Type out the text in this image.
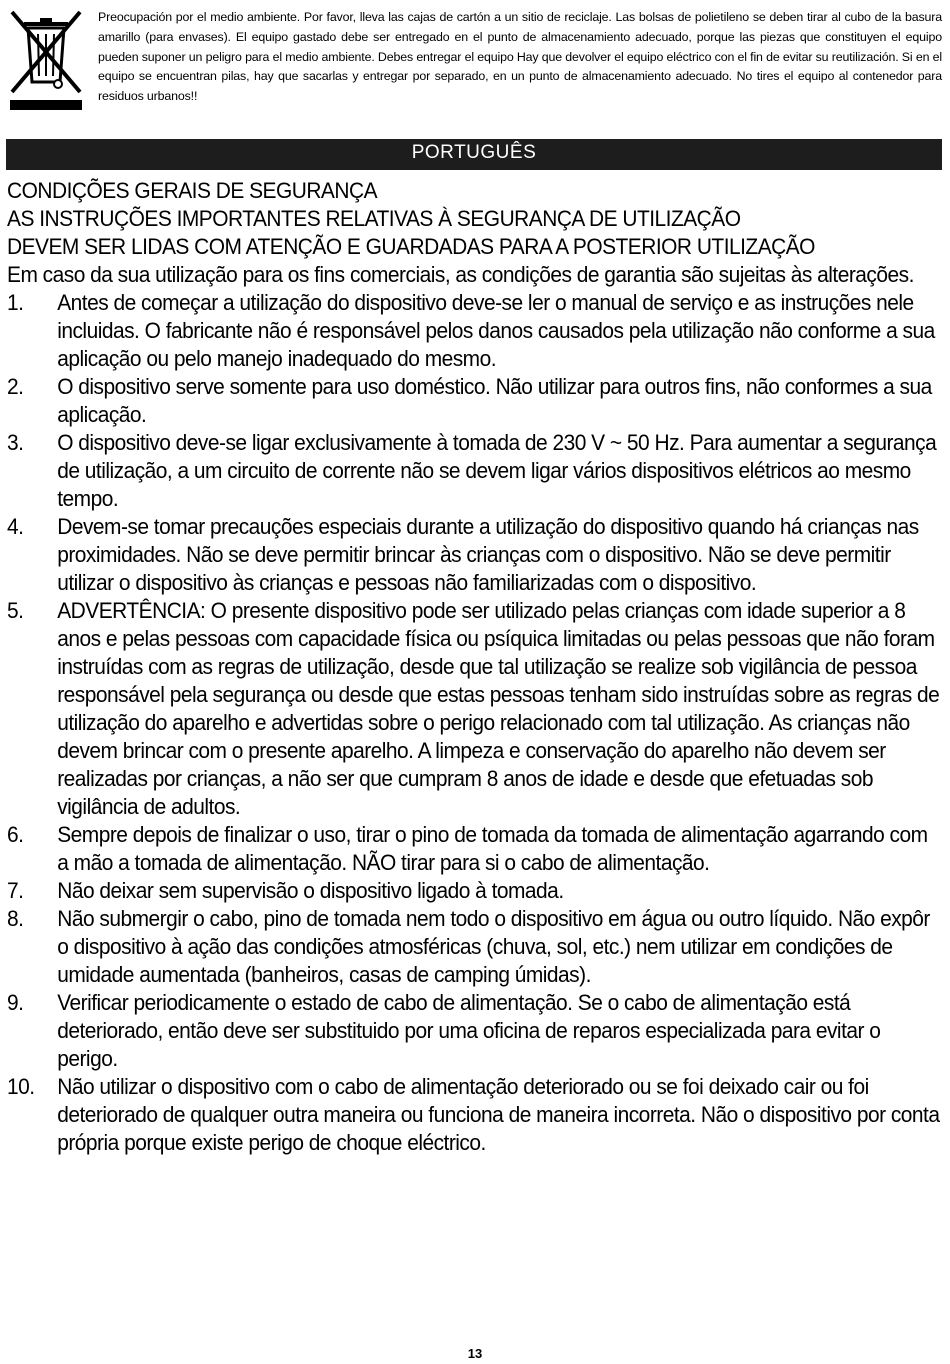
Preocupación por el medio ambiente. Por favor, lleva las cajas de cartón a un sitio de reciclaje. Las bolsas de polietileno se deben tirar al cubo de la basura amarillo (para envases). El equipo gastado debe ser entregado en el punto de almacenamiento adecuado, porque las piezas que constituyen el equipo pueden suponer un peligro para el medio ambiente. Debes entregar el equipo Hay que devolver el equipo eléctrico con el fin de evitar su reutilización. Si en el equipo se encuentran pilas, hay que sacarlas y entregar por separado, en un punto de almacenamiento adecuado. No tires el equipo al contenedor para residuos urbanos!!
PORTUGUÊS
CONDIÇÕES GERAIS DE SEGURANÇA
AS INSTRUÇÕES IMPORTANTES RELATIVAS À SEGURANÇA DE UTILIZAÇÃO
DEVEM SER LIDAS COM ATENÇÃO E GUARDADAS PARA A POSTERIOR UTILIZAÇÃO
Em caso da sua utilização para os fins comerciais, as condições de garantia são sujeitas às alterações.
1. Antes de começar a utilização do dispositivo deve-se ler o manual de serviço e as instruções nele incluidas. O fabricante não é responsável pelos danos causados pela utilização não conforme a sua aplicação ou pelo manejo inadequado do mesmo.
2. O dispositivo serve somente para uso doméstico. Não utilizar para outros fins, não conformes a sua aplicação.
3. O dispositivo deve-se ligar exclusivamente à tomada de 230 V ~ 50 Hz. Para aumentar a segurança de utilização, a um circuito de corrente não se devem ligar vários dispositivos elétricos ao mesmo tempo.
4. Devem-se tomar precauções especiais durante a utilização do dispositivo quando há crianças nas proximidades. Não se deve permitir brincar às crianças com o dispositivo. Não se deve permitir utilizar o dispositivo às crianças e pessoas não familiarizadas com o dispositivo.
5. ADVERTÊNCIA: O presente dispositivo pode ser utilizado pelas crianças com idade superior a 8 anos e pelas pessoas com capacidade física ou psíquica limitadas ou pelas pessoas que não foram instruídas com as regras de utilização, desde que tal utilização se realize sob vigilância de pessoa responsável pela segurança ou desde que estas pessoas tenham sido instruídas sobre as regras de utilização do aparelho e advertidas sobre o perigo relacionado com tal utilização. As crianças não devem brincar com o presente aparelho. A limpeza e conservação do aparelho não devem ser realizadas por crianças, a não ser que cumpram 8 anos de idade e desde que efetuadas sob vigilância de adultos.
6. Sempre depois de finalizar o uso, tirar o pino de tomada da tomada de alimentação agarrando com a mão a tomada de alimentação. NÃO tirar para si o cabo de alimentação.
7. Não deixar sem supervisão o dispositivo ligado à tomada.
8. Não submergir o cabo, pino de tomada nem todo o dispositivo em água ou outro líquido. Não expôr o dispositivo à ação das condições atmosféricas (chuva, sol, etc.) nem utilizar em condições de umidade aumentada (banheiros, casas de camping úmidas).
9. Verificar periodicamente o estado de cabo de alimentação. Se o cabo de alimentação está deteriorado, então deve ser substituido por uma oficina de reparos especializada para evitar o perigo.
10. Não utilizar o dispositivo com o cabo de alimentação deteriorado ou se foi deixado cair ou foi deteriorado de qualquer outra maneira ou funciona de maneira incorreta. Não o dispositivo por conta própria porque existe perigo de choque eléctrico.
13
